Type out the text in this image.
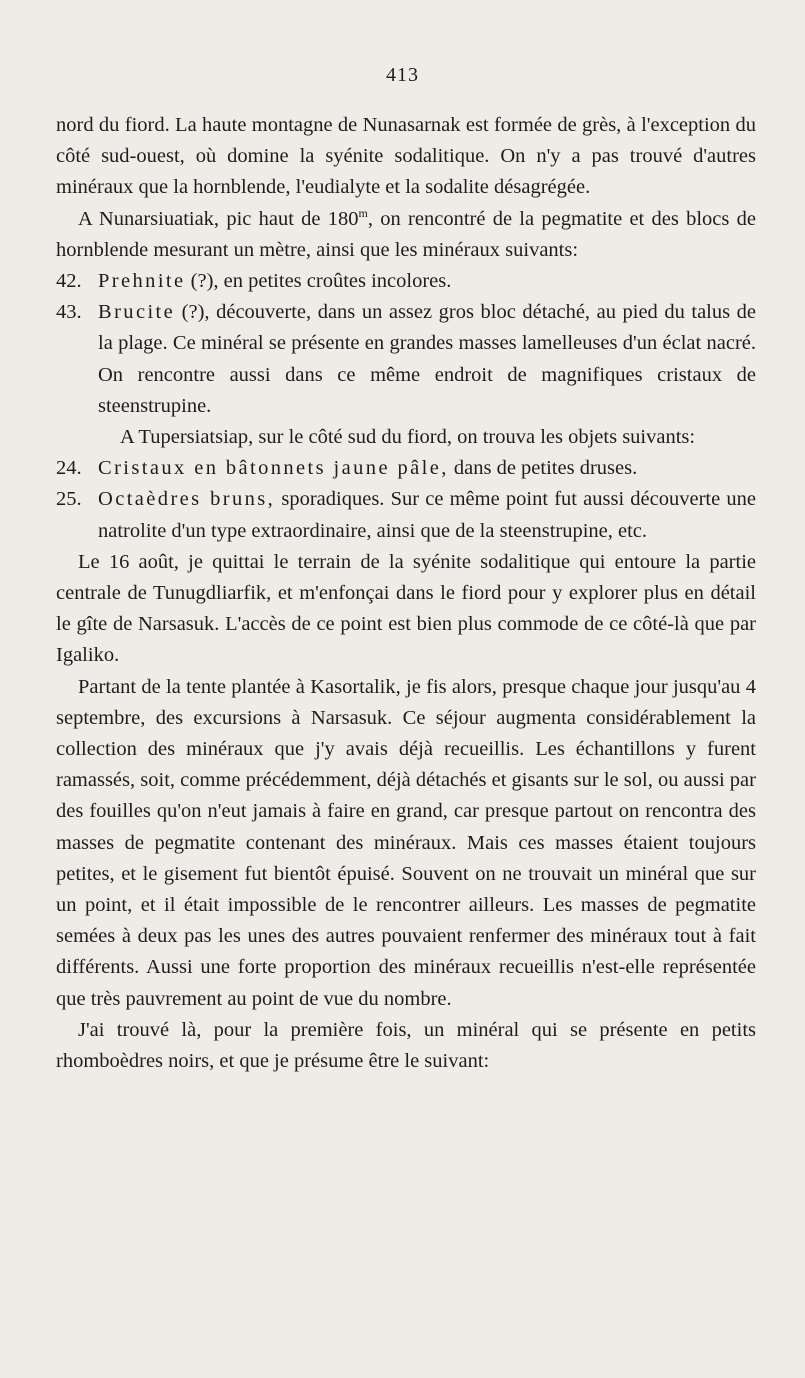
413

nord du fiord. La haute montagne de Nunasarnak est formée de grès, à l'exception du côté sud-ouest, où domine la syénite sodalitique. On n'y a pas trouvé d'autres minéraux que la hornblende, l'eudialyte et la sodalite désagrégée.

A Nunarsiuatiak, pic haut de 180$^m$, on rencontré de la pegmatite et des blocs de hornblende mesurant un mètre, ainsi que les minéraux suivants:

42. Prehnite (?), en petites croûtes incolores.

43. Brucite (?), découverte, dans un assez gros bloc détaché, au pied du talus de la plage. Ce minéral se présente en grandes masses lamelleuses d'un éclat nacré. On rencontre aussi dans ce même endroit de magnifiques cristaux de steenstrupine.

A Tupersiatsiap, sur le côté sud du fiord, on trouva les objets suivants:

24. Cristaux en bâtonnets jaune pâle, dans de petites druses.

25. Octaèdres bruns, sporadiques. Sur ce même point fut aussi découverte une natrolite d'un type extraordinaire, ainsi que de la steenstrupine, etc.

Le 16 août, je quittai le terrain de la syénite sodalitique qui entoure la partie centrale de Tunugdliarfik, et m'enfonçai dans le fiord pour y explorer plus en détail le gîte de Narsasuk. L'accès de ce point est bien plus commode de ce côté-là que par Igaliko.

Partant de la tente plantée à Kasortalik, je fis alors, presque chaque jour jusqu'au 4 septembre, des excursions à Narsasuk. Ce séjour augmenta considérablement la collection des minéraux que j'y avais déjà recueillis. Les échantillons y furent ramassés, soit, comme précédemment, déjà détachés et gisants sur le sol, ou aussi par des fouilles qu'on n'eut jamais à faire en grand, car presque partout on rencontra des masses de pegmatite contenant des minéraux. Mais ces masses étaient toujours petites, et le gisement fut bientôt épuisé. Souvent on ne trouvait un minéral que sur un point, et il était impossible de le rencontrer ailleurs. Les masses de pegmatite semées à deux pas les unes des autres pouvaient renfermer des minéraux tout à fait différents. Aussi une forte proportion des minéraux recueillis n'est-elle représentée que très pauvrement au point de vue du nombre.

J'ai trouvé là, pour la première fois, un minéral qui se présente en petits rhomboèdres noirs, et que je présume être le suivant:
